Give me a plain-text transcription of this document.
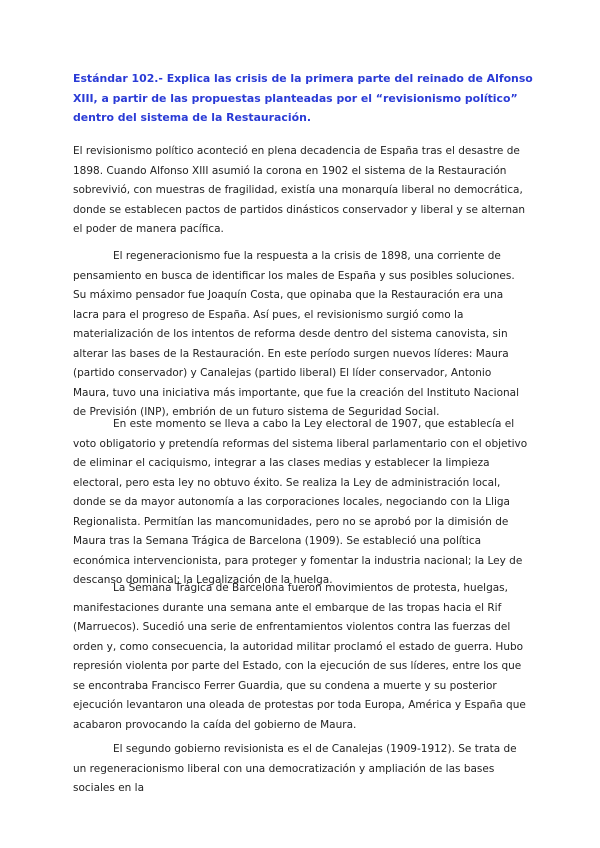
Estándar 102.- Explica las crisis de la primera parte del reinado de Alfonso XIII, a partir de las propuestas planteadas por el “revisionismo político” dentro del sistema de la Restauración.

El revisionismo político aconteció en plena decadencia de España tras el desastre de 1898. Cuando Alfonso XIII asumió la corona en 1902 el sistema de la Restauración sobrevivió, con muestras de fragilidad, existía una monarquía liberal no democrática, donde se establecen pactos de partidos dinásticos conservador y liberal y se alternan el poder de manera pacífica.

El regeneracionismo fue la respuesta a la crisis de 1898, una corriente de pensamiento en busca de identificar los males de España y sus posibles soluciones. Su máximo pensador fue Joaquín Costa, que opinaba que la Restauración era una lacra para el progreso de España. Así pues, el revisionismo surgió como la materialización de los intentos de reforma desde dentro del sistema canovista, sin alterar las bases de la Restauración. En este período surgen nuevos líderes: Maura (partido conservador) y Canalejas (partido liberal) El líder conservador, Antonio Maura, tuvo una iniciativa más importante, que fue la creación del Instituto Nacional de Previsión (INP), embrión de un futuro sistema de Seguridad Social.

En este momento se lleva a cabo la Ley electoral de 1907, que establecía el voto obligatorio y pretendía reformas del sistema liberal parlamentario con el objetivo de eliminar el caciquismo, integrar a las clases medias y establecer la limpieza electoral, pero esta ley no obtuvo éxito. Se realiza la Ley de administración local, donde se da mayor autonomía a las corporaciones locales, negociando con la Lliga Regionalista. Permitían las mancomunidades, pero no se aprobó por la dimisión de Maura tras la Semana Trágica de Barcelona (1909). Se estableció una política económica intervencionista, para proteger y fomentar la industria nacional; la Ley de descanso dominical; la Legalización de la huelga.

La Semana Trágica de Barcelona fueron movimientos de protesta, huelgas, manifestaciones durante una semana ante el embarque de las tropas hacia el Rif (Marruecos). Sucedió una serie de enfrentamientos violentos contra las fuerzas del orden y, como consecuencia, la autoridad militar proclamó el estado de guerra. Hubo represión violenta por parte del Estado, con la ejecución de sus líderes, entre los que se encontraba Francisco Ferrer Guardia, que su condena a muerte y su posterior ejecución levantaron una oleada de protestas por toda Europa, América y España que acabaron provocando la caída del gobierno de Maura.

El segundo gobierno revisionista es el de Canalejas (1909-1912). Se trata de un regeneracionismo liberal con una democratización y ampliación de las bases sociales en la
